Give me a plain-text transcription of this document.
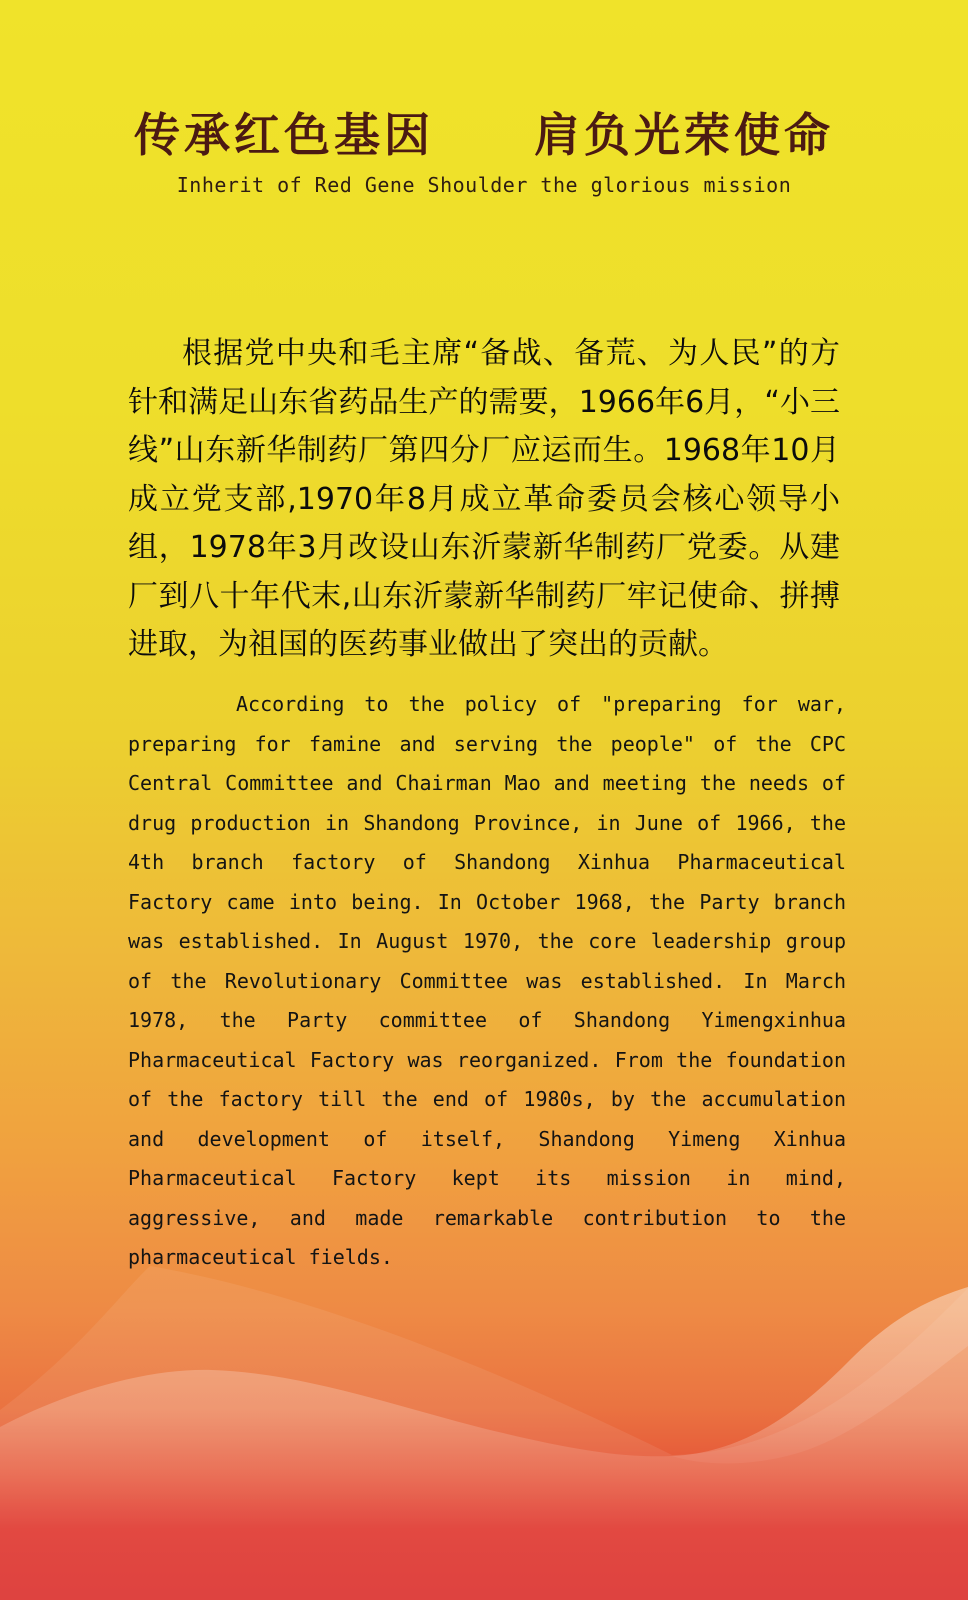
传承红色基因　　肩负光荣使命
Inherit of Red Gene Shoulder the glorious mission

根据党中央和毛主席“备战、备荒、为人民”的方针和满足山东省药品生产的需要，1966年6月，“小三线”山东新华制药厂第四分厂应运而生。1968年10月成立党支部,1970年8月成立革命委员会核心领导小组，1978年3月改设山东沂蒙新华制药厂党委。从建厂到八十年代末,山东沂蒙新华制药厂牢记使命、拼搏进取，为祖国的医药事业做出了突出的贡献。

According to the policy of "preparing for war, preparing for famine and serving the people" of the CPC Central Committee and Chairman Mao and meeting the needs of drug production in Shandong Province, in June of 1966, the 4th branch factory of Shandong Xinhua Pharmaceutical Factory came into being. In October 1968, the Party branch was established. In August 1970, the core leadership group of the Revolutionary Committee was established. In March 1978, the Party committee of Shandong Yimengxinhua Pharmaceutical Factory was reorganized. From the foundation of the factory till the end of 1980s, by the accumulation and development of itself, Shandong Yimeng Xinhua Pharmaceutical Factory kept its mission in mind, aggressive, and made remarkable contribution to the pharmaceutical fields.
